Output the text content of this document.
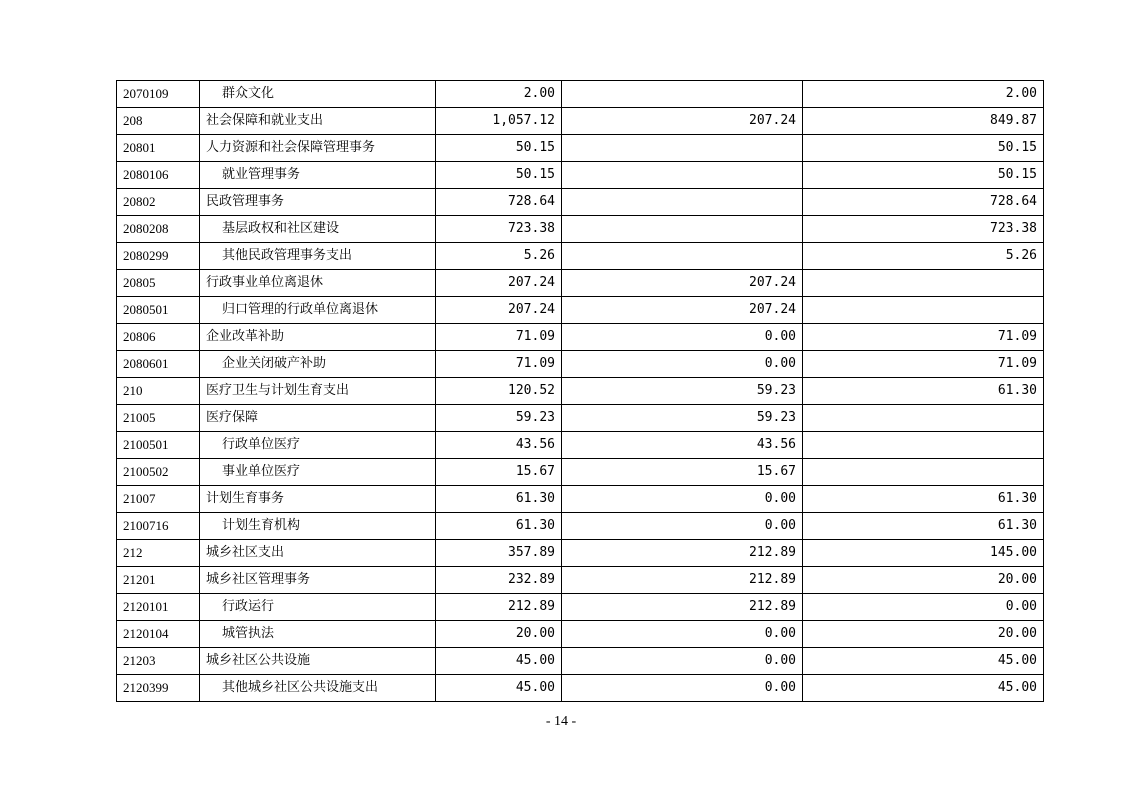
2070109	群众文化	2.00		2.00
208	社会保障和就业支出	1,057.12	207.24	849.87
20801	人力资源和社会保障管理事务	50.15		50.15
2080106	就业管理事务	50.15		50.15
20802	民政管理事务	728.64		728.64
2080208	基层政权和社区建设	723.38		723.38
2080299	其他民政管理事务支出	5.26		5.26
20805	行政事业单位离退休	207.24	207.24	
2080501	归口管理的行政单位离退休	207.24	207.24	
20806	企业改革补助	71.09	0.00	71.09
2080601	企业关闭破产补助	71.09	0.00	71.09
210	医疗卫生与计划生育支出	120.52	59.23	61.30
21005	医疗保障	59.23	59.23	
2100501	行政单位医疗	43.56	43.56	
2100502	事业单位医疗	15.67	15.67	
21007	计划生育事务	61.30	0.00	61.30
2100716	计划生育机构	61.30	0.00	61.30
212	城乡社区支出	357.89	212.89	145.00
21201	城乡社区管理事务	232.89	212.89	20.00
2120101	行政运行	212.89	212.89	0.00
2120104	城管执法	20.00	0.00	20.00
21203	城乡社区公共设施	45.00	0.00	45.00
2120399	其他城乡社区公共设施支出	45.00	0.00	45.00
- 14 -
